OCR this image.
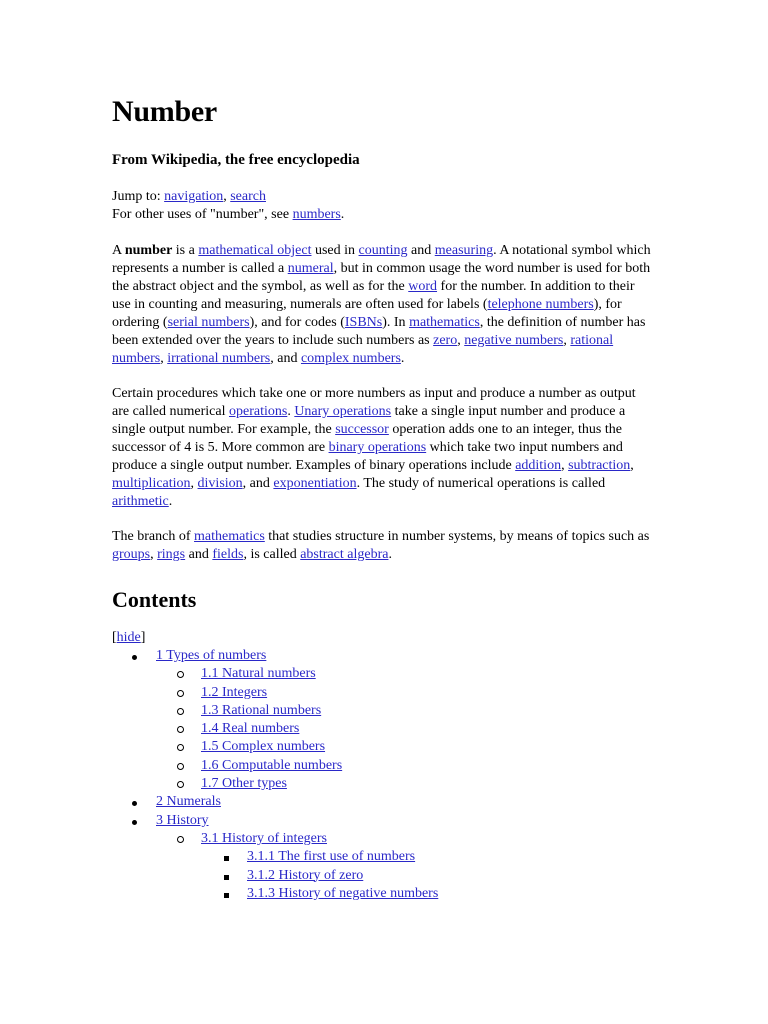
Number
From Wikipedia, the free encyclopedia
Jump to: navigation, search
For other uses of "number", see numbers.

A number is a mathematical object used in counting and measuring. A notational symbol which represents a number is called a numeral, but in common usage the word number is used for both the abstract object and the symbol, as well as for the word for the number. In addition to their use in counting and measuring, numerals are often used for labels (telephone numbers), for ordering (serial numbers), and for codes (ISBNs). In mathematics, the definition of number has been extended over the years to include such numbers as zero, negative numbers, rational numbers, irrational numbers, and complex numbers.

Certain procedures which take one or more numbers as input and produce a number as output are called numerical operations. Unary operations take a single input number and produce a single output number. For example, the successor operation adds one to an integer, thus the successor of 4 is 5. More common are binary operations which take two input numbers and produce a single output number. Examples of binary operations include addition, subtraction, multiplication, division, and exponentiation. The study of numerical operations is called arithmetic.

The branch of mathematics that studies structure in number systems, by means of topics such as groups, rings and fields, is called abstract algebra.

Contents
[hide]
1 Types of numbers
1.1 Natural numbers
1.2 Integers
1.3 Rational numbers
1.4 Real numbers
1.5 Complex numbers
1.6 Computable numbers
1.7 Other types
2 Numerals
3 History
3.1 History of integers
3.1.1 The first use of numbers
3.1.2 History of zero
3.1.3 History of negative numbers
